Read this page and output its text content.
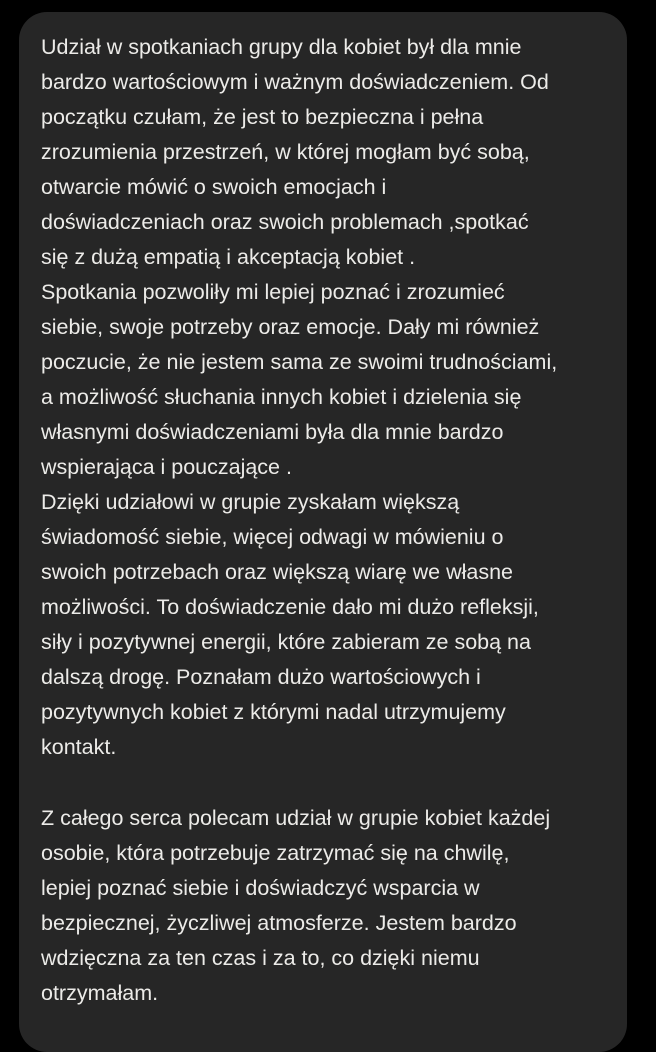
Udział w spotkaniach grupy dla kobiet był dla mnie
bardzo wartościowym i ważnym doświadczeniem. Od
początku czułam, że jest to bezpieczna i pełna
zrozumienia przestrzeń, w której mogłam być sobą,
otwarcie mówić o swoich emocjach i
doświadczeniach oraz swoich problemach ,spotkać
się z dużą empatią i akceptacją kobiet .
Spotkania pozwoliły mi lepiej poznać i zrozumieć
siebie, swoje potrzeby oraz emocje. Dały mi również
poczucie, że nie jestem sama ze swoimi trudnościami,
a możliwość słuchania innych kobiet i dzielenia się
własnymi doświadczeniami była dla mnie bardzo
wspierająca i pouczające .
Dzięki udziałowi w grupie zyskałam większą
świadomość siebie, więcej odwagi w mówieniu o
swoich potrzebach oraz większą wiarę we własne
możliwości. To doświadczenie dało mi dużo refleksji,
siły i pozytywnej energii, które zabieram ze sobą na
dalszą drogę. Poznałam dużo wartościowych i
pozytywnych kobiet z którymi nadal utrzymujemy
kontakt.
Z całego serca polecam udział w grupie kobiet każdej
osobie, która potrzebuje zatrzymać się na chwilę,
lepiej poznać siebie i doświadczyć wsparcia w
bezpiecznej, życzliwej atmosferze. Jestem bardzo
wdzięczna za ten czas i za to, co dzięki niemu
otrzymałam.
